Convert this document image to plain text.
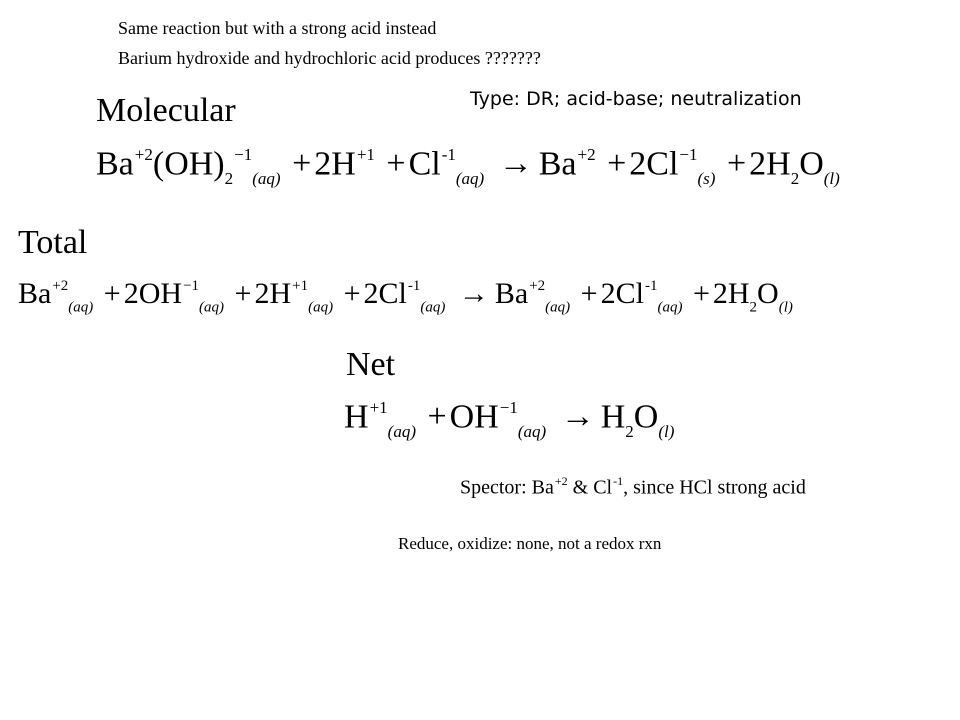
Same reaction but with a strong acid instead
Barium hydroxide and hydrochloric acid produces ???????
Type: DR; acid-base; neutralization
Molecular
$Ba^{+2}(OH)_2^{-1}_{(aq)} +2H^{+1} +Cl^{-1}_{(aq)} \to Ba^{+2} +2Cl^{-1}_{(s)} +2H_2O_{(l)}$
Total
$Ba^{+2}_{(aq)} + 2OH^{-1}_{(aq)} + 2H^{+1}_{(aq)} + 2Cl^{-1}_{(aq)} \to Ba^{+2}_{(aq)} + 2Cl^{-1}_{(aq)} + 2H_2O_{(l)}$
Net
$H^{+1}_{(aq)} +OH^{-1}_{(aq)} \to H_2O_{(l)}$
Spector: $Ba^{+2}$ & $Cl^{-1}$, since HCl strong acid
Reduce, oxidize: none, not a redox rxn
